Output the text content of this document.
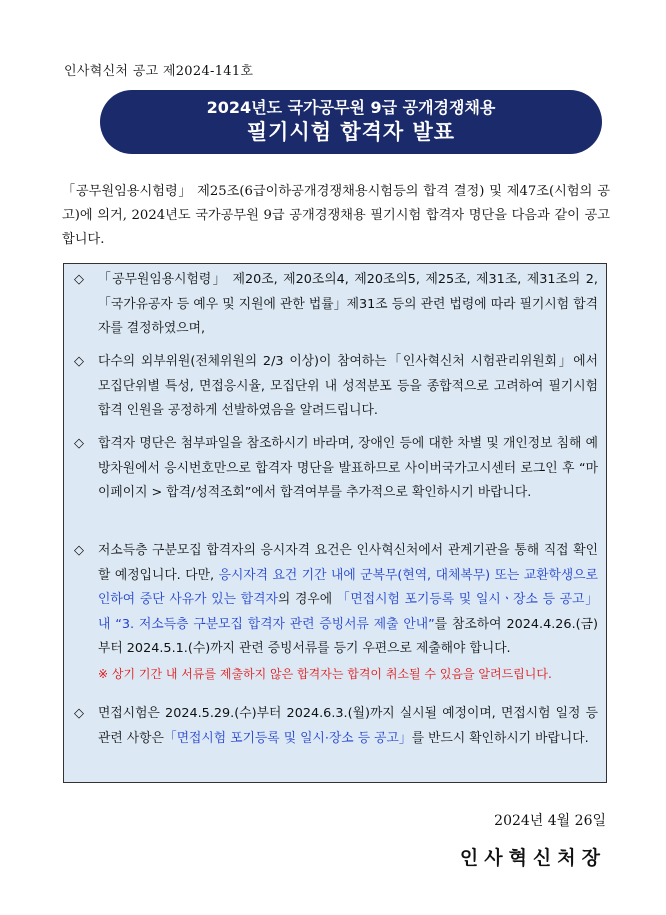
인사혁신처 공고 제2024-141호
2024년도 국가공무원 9급 공개경쟁채용
필기시험 합격자 발표
「공무원임용시험령」 제25조(6급이하공개경쟁채용시험등의 합격 결정) 및 제47조(시험의 공고)에 의거, 2024년도 국가공무원 9급 공개경쟁채용 필기시험 합격자 명단을 다음과 같이 공고합니다.
◇ 「공무원임용시험령」 제20조, 제20조의4, 제20조의5, 제25조, 제31조, 제31조의 2,「국가유공자 등 예우 및 지원에 관한 법률」제31조 등의 관련 법령에 따라 필기시험 합격자를 결정하였으며,
◇ 다수의 외부위원(전체위원의 2/3 이상)이 참여하는「인사혁신처 시험관리위원회」에서 모집단위별 특성, 면접응시율, 모집단위 내 성적분포 등을 종합적으로 고려하여 필기시험 합격 인원을 공정하게 선발하였음을 알려드립니다.
◇ 합격자 명단은 첨부파일을 참조하시기 바라며, 장애인 등에 대한 차별 및 개인정보 침해 예방차원에서 응시번호만으로 합격자 명단을 발표하므로 사이버국가고시센터 로그인 후 “마이페이지 > 합격/성적조회”에서 합격여부를 추가적으로 확인하시기 바랍니다.
◇ 저소득층 구분모집 합격자의 응시자격 요건은 인사혁신처에서 관계기관을 통해 직접 확인할 예정입니다. 다만, 응시자격 요건 기간 내에 군복무(현역, 대체복무) 또는 교환학생으로 인하여 중단 사유가 있는 합격자의 경우에 「면접시험 포기등록 및 일시ㆍ장소 등 공고」내 “3. 저소득층 구분모집 합격자 관련 증빙서류 제출 안내”를 참조하여 2024.4.26.(금)부터 2024.5.1.(수)까지 관련 증빙서류를 등기 우편으로 제출해야 합니다.
※ 상기 기간 내 서류를 제출하지 않은 합격자는 합격이 취소될 수 있음을 알려드립니다.
◇ 면접시험은 2024.5.29.(수)부터 2024.6.3.(월)까지 실시될 예정이며, 면접시험 일정 등 관련 사항은「면접시험 포기등록 및 일시·장소 등 공고」를 반드시 확인하시기 바랍니다.
2024년 4월 26일
인사혁신처장
